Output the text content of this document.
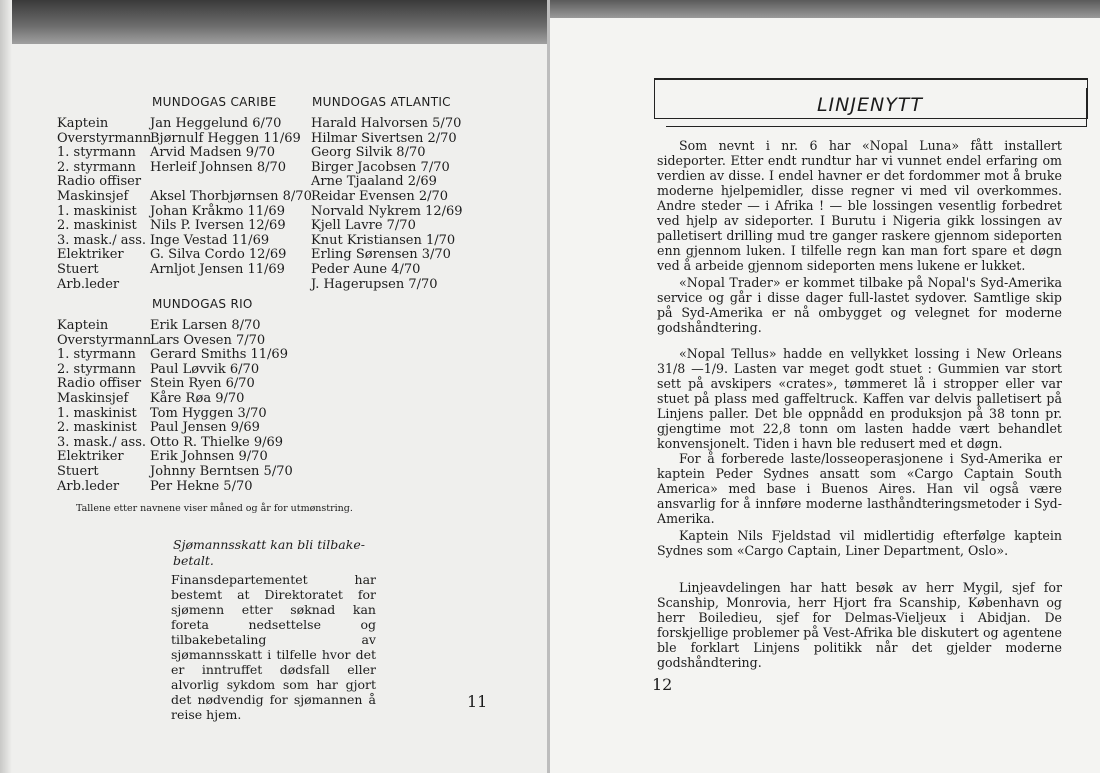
MUNDOGAS CARIBE	MUNDOGAS ATLANTIC
Kaptein
Overstyrmann
1. styrmann
2. styrmann
Radio offiser
Maskinsjef
1. maskinist
2. maskinist
3. mask./ ass.
Elektriker
Stuert
Arb.leder
Jan Heggelund 6/70
Bjørnulf Heggen 11/69
Arvid Madsen 9/70
Herleif Johnsen 8/70
Aksel Thorbjørnsen 8/70
Johan Kråkmo 11/69
Nils P. Iversen 12/69
Inge Vestad 11/69
G. Silva Cordo 12/69
Arnljot Jensen 11/69
Harald Halvorsen 5/70
Hilmar Sivertsen 2/70
Georg Silvik 8/70
Birger Jacobsen 7/70
Arne Tjaaland 2/69
Reidar Evensen 2/70
Norvald Nykrem 12/69
Kjell Lavre 7/70
Knut Kristiansen 1/70
Erling Sørensen 3/70
Peder Aune 4/70
J. Hagerupsen 7/70
MUNDOGAS RIO
Kaptein
Overstyrmann
1. styrmann
2. styrmann
Radio offiser
Maskinsjef
1. maskinist
2. maskinist
3. mask./ ass.
Elektriker
Stuert
Arb.leder
Erik Larsen 8/70
Lars Ovesen 7/70
Gerard Smiths 11/69
Paul Løvvik 6/70
Stein Ryen 6/70
Kåre Røa 9/70
Tom Hyggen 3/70
Paul Jensen 9/69
Otto R. Thielke 9/69
Erik Johnsen 9/70
Johnny Berntsen 5/70
Per Hekne 5/70
Tallene etter navnene viser måned og år for utmønstring.
Sjømannsskatt kan bli tilbake-betalt.
Finansdepartementet har bestemt at Direktoratet for sjømenn etter søknad kan foreta nedsettelse og tilbakebetaling av sjømannsskatt i tilfelle hvor det er inntruffet dødsfall eller alvorlig sykdom som har gjort det nødvendig for sjømannen å reise hjem.
11
LINJENYTT
Som nevnt i nr. 6 har «Nopal Luna» fått installert sideporter. Etter endt rundtur har vi vunnet endel erfaring om verdien av disse. I endel havner er det fordommer mot å bruke moderne hjelpemidler, disse regner vi med vil overkommes. Andre steder — i Afrika ! — ble lossingen vesentlig forbedret ved hjelp av sideporter. I Burutu i Nigeria gikk lossingen av palletisert drilling mud tre ganger raskere gjennom sideporten enn gjennom luken. I tilfelle regn kan man fort spare et døgn ved å arbeide gjennom sideporten mens lukene er lukket.
«Nopal Trader» er kommet tilbake på Nopal's Syd-Amerika service og går i disse dager full-lastet sydover. Samtlige skip på Syd-Amerika er nå ombygget og velegnet for moderne godshåndtering.
«Nopal Tellus» hadde en vellykket lossing i New Orleans 31/8 —1/9. Lasten var meget godt stuet : Gummien var stort sett på avskipers «crates», tømmeret lå i stropper eller var stuet på plass med gaffeltruck. Kaffen var delvis palletisert på Linjens paller. Det ble oppnådd en produksjon på 38 tonn pr. gjengtime mot 22,8 tonn om lasten hadde vært behandlet konvensjonelt. Tiden i havn ble redusert med et døgn.
For å forberede laste/losseoperasjonene i Syd-Amerika er kaptein Peder Sydnes ansatt som «Cargo Captain South America» med base i Buenos Aires. Han vil også være ansvarlig for å innføre moderne lasthåndteringsmetoder i Syd-Amerika.
Kaptein Nils Fjeldstad vil midlertidig efterfølge kaptein Sydnes som «Cargo Captain, Liner Department, Oslo».
Linjeavdelingen har hatt besøk av herr Mygil, sjef for Scanship, Monrovia, herr Hjort fra Scanship, København og herr Boiledieu, sjef for Delmas-Vieljeux i Abidjan. De forskjellige problemer på Vest-Afrika ble diskutert og agentene ble forklart Linjens politikk når det gjelder moderne godshåndtering.
12
